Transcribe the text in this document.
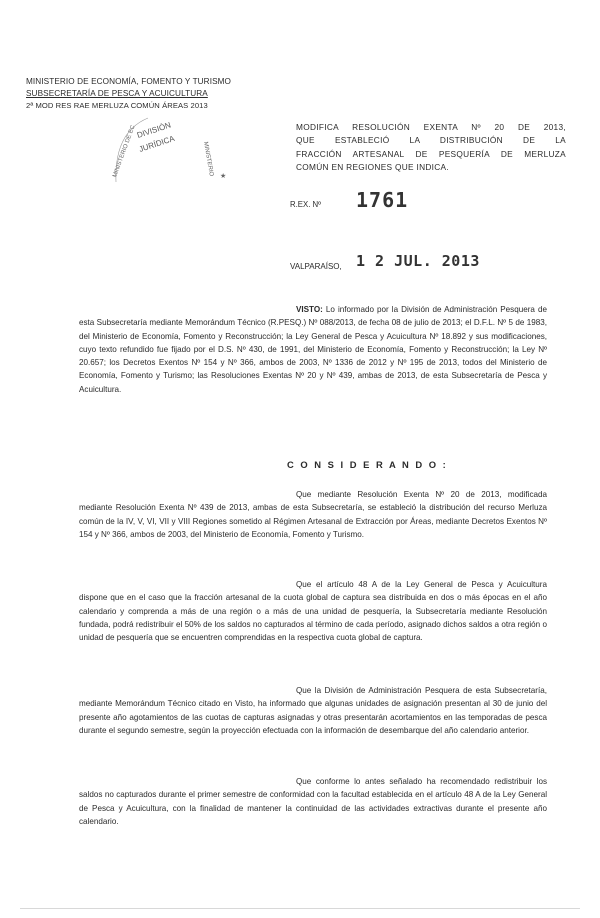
MINISTERIO DE ECONOMÍA, FOMENTO Y TURISMO
SUBSECRETARÍA DE PESCA Y ACUICULTURA
2ª MOD RES RAE MERLUZA COMÚN ÁREAS 2013
MINISTERIO DE EC DIVISIÓN
JURÍDICA	MINISTERIO ★
MODIFICA RESOLUCIÓN EXENTA Nº 20 DE 2013,
QUE ESTABLECIÓ LA DISTRIBUCIÓN DE LA
FRACCIÓN ARTESANAL DE PESQUERÍA DE MERLUZA
COMÚN EN REGIONES QUE INDICA.
R.EX. Nº 1761
VALPARAÍSO, 1 2 JUL. 2013
VISTO: Lo informado por la División de Administración Pesquera de esta Subsecretaría mediante Memorándum Técnico (R.PESQ.) Nº 088/2013, de fecha 08 de julio de 2013; el D.F.L. Nº 5 de 1983, del Ministerio de Economía, Fomento y Reconstrucción; la Ley General de Pesca y Acuicultura Nº 18.892 y sus modificaciones, cuyo texto refundido fue fijado por el D.S. Nº 430, de 1991, del Ministerio de Economía, Fomento y Reconstrucción; la Ley Nº 20.657; los Decretos Exentos Nº 154 y Nº 366, ambos de 2003, Nº 1336 de 2012 y Nº 195 de 2013, todos del Ministerio de Economía, Fomento y Turismo; las Resoluciones Exentas Nº 20 y Nº 439, ambas de 2013, de esta Subsecretaría de Pesca y Acuicultura.
C O N S I D E R A N D O :
Que mediante Resolución Exenta Nº 20 de 2013, modificada mediante Resolución Exenta Nº 439 de 2013, ambas de esta Subsecretaría, se estableció la distribución del recurso Merluza común de la IV, V, VI, VII y VIII Regiones sometido al Régimen Artesanal de Extracción por Áreas, mediante Decretos Exentos Nº 154 y Nº 366, ambos de 2003, del Ministerio de Economía, Fomento y Turismo.
Que el artículo 48 A de la Ley General de Pesca y Acuicultura dispone que en el caso que la fracción artesanal de la cuota global de captura sea distribuida en dos o más épocas en el año calendario y comprenda a más de una región o a más de una unidad de pesquería, la Subsecretaría mediante Resolución fundada, podrá redistribuir el 50% de los saldos no capturados al término de cada período, asignado dichos saldos a otra región o unidad de pesquería que se encuentren comprendidas en la respectiva cuota global de captura.
Que la División de Administración Pesquera de esta Subsecretaría, mediante Memorándum Técnico citado en Visto, ha informado que algunas unidades de asignación presentan al 30 de junio del presente año agotamientos de las cuotas de capturas asignadas y otras presentarán acortamientos en las temporadas de pesca durante el segundo semestre, según la proyección efectuada con la información de desembarque del año calendario anterior.
Que conforme lo antes señalado ha recomendado redistribuir los saldos no capturados durante el primer semestre de conformidad con la facultad establecida en el artículo 48 A de la Ley General de Pesca y Acuicultura, con la finalidad de mantener la continuidad de las actividades extractivas durante el presente año calendario.
